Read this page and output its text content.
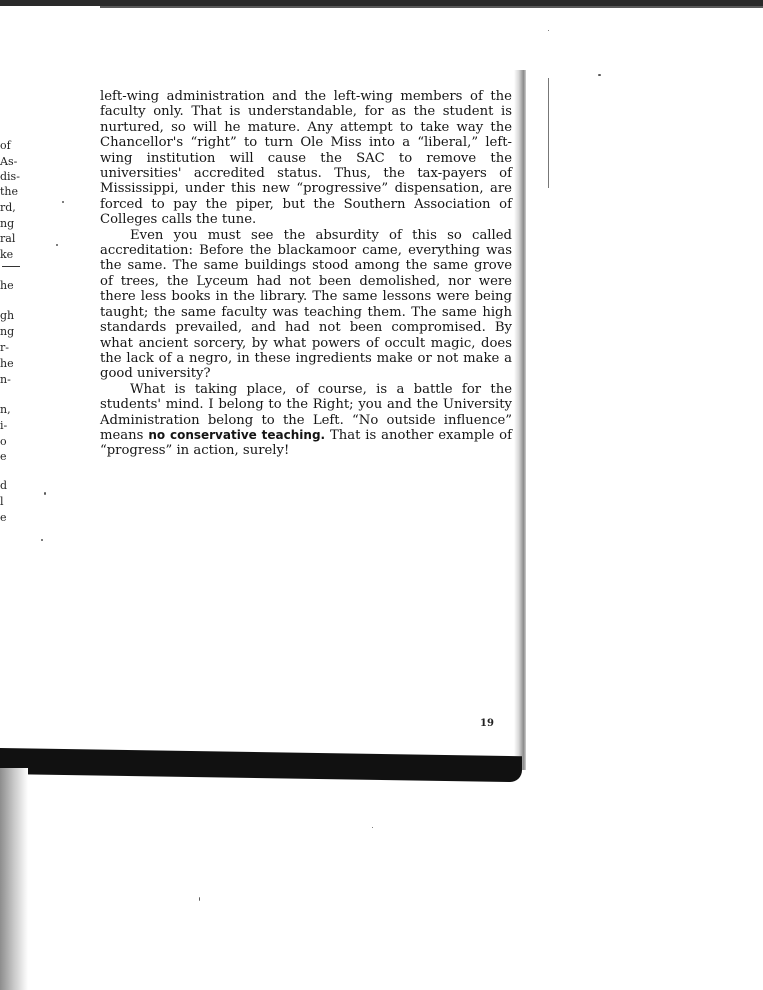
of
As-
dis-
the
rd,
ng
ral
ke
he
gh
ng
r-
he
n-
n,
i-
o
e
d
l
e

left-wing administration and the left-wing members of the faculty only. That is understandable, for as the student is nurtured, so will he mature. Any attempt to take way the Chancellor's “right” to turn Ole Miss into a “liberal,” left-wing institution will cause the SAC to remove the universities' accredited status. Thus, the tax-payers of Mississippi, under this new “progressive” dispensation, are forced to pay the piper, but the Southern Association of Colleges calls the tune.

Even you must see the absurdity of this so called accreditation: Before the blackamoor came, everything was the same. The same buildings stood among the same grove of trees, the Lyceum had not been demolished, nor were there less books in the library. The same lessons were being taught; the same faculty was teaching them. The same high standards prevailed, and had not been compromised. By what ancient sorcery, by what powers of occult magic, does the lack of a negro, in these ingredients make or not make a good university?

What is taking place, of course, is a battle for the students' mind. I belong to the Right; you and the University Administration belong to the Left. “No outside influence” means no conservative teaching. That is another example of “progress” in action, surely!

19
